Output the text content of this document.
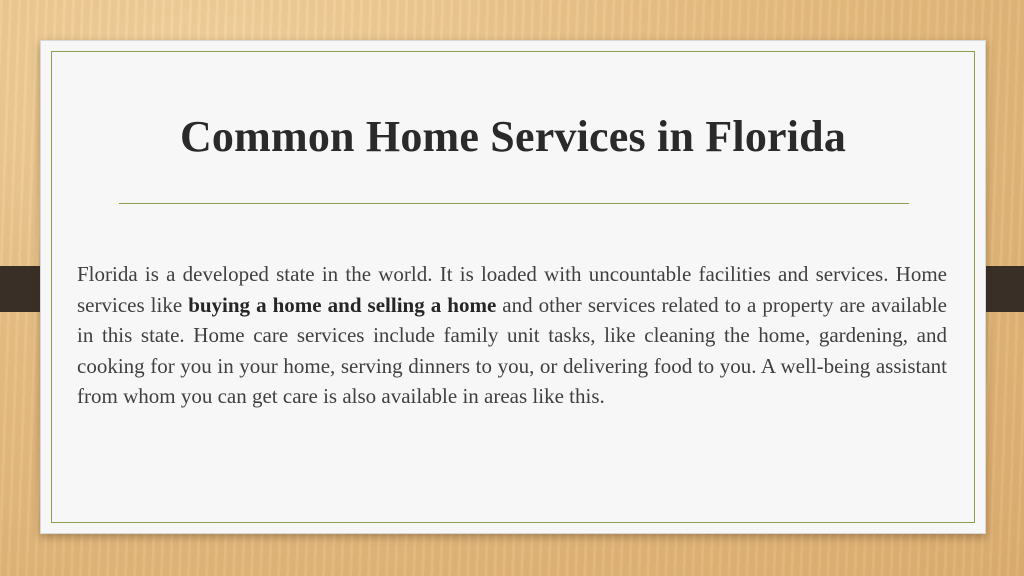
Common Home Services in Florida

Florida is a developed state in the world. It is loaded with uncountable facilities and services. Home services like buying a home and selling a home and other services related to a property are available in this state. Home care services include family unit tasks, like cleaning the home, gardening, and cooking for you in your home, serving dinners to you, or delivering food to you. A well-being assistant from whom you can get care is also available in areas like this.
